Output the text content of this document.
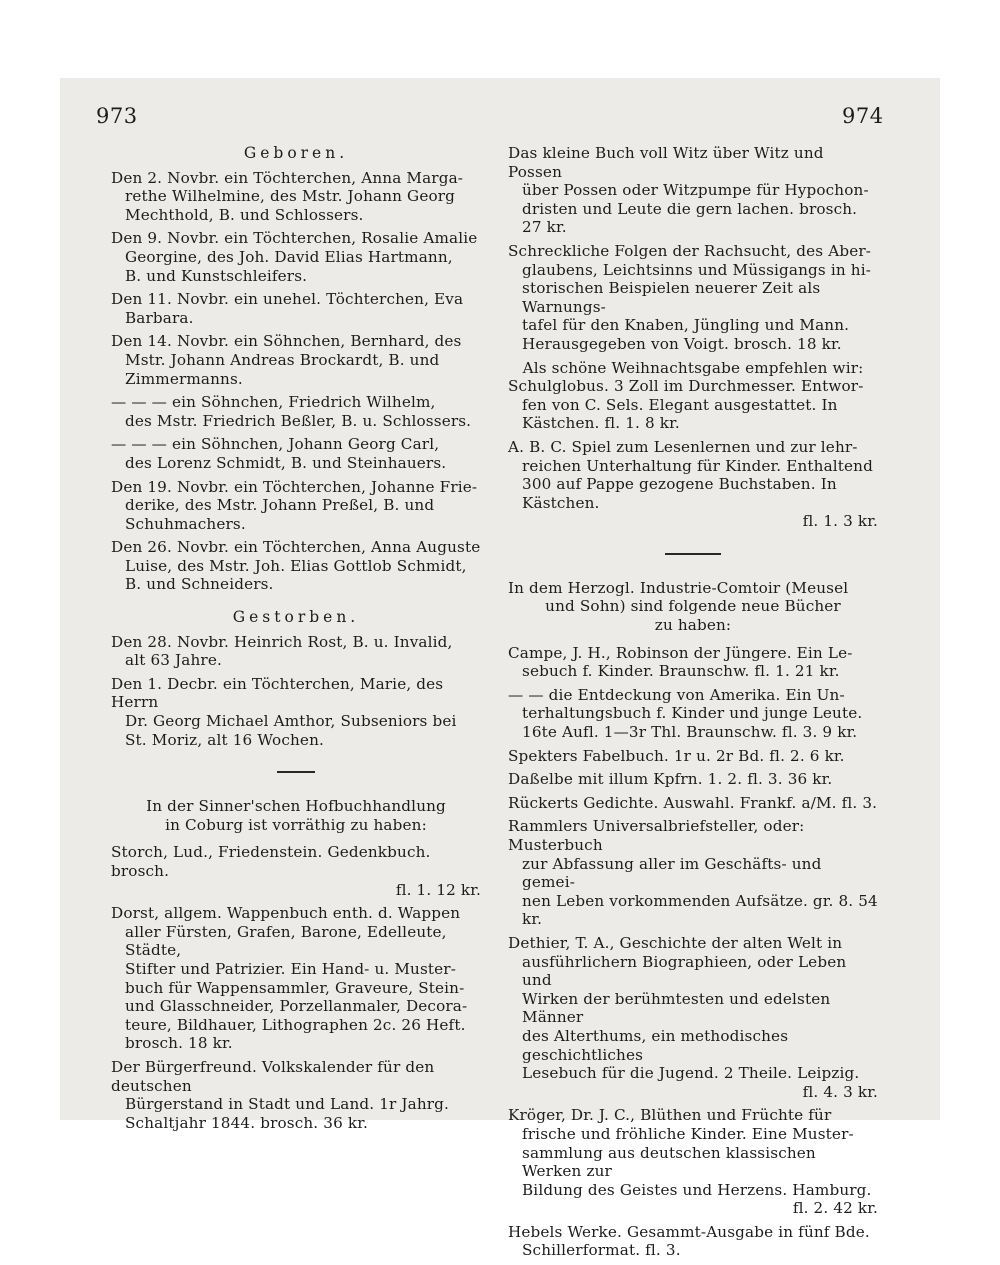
973	974
Geboren.
Den 2. Novbr. ein Töchterchen, Anna Marga-
rethe Wilhelmine, des Mstr. Johann Georg
Mechthold, B. und Schlossers.
Den 9. Novbr. ein Töchterchen, Rosalie Amalie
Georgine, des Joh. David Elias Hartmann,
B. und Kunstschleifers.
Den 11. Novbr. ein unehel. Töchterchen, Eva
Barbara.
Den 14. Novbr. ein Söhnchen, Bernhard, des
Mstr. Johann Andreas Brockardt, B. und
Zimmermanns.
— — — ein Söhnchen, Friedrich Wilhelm,
des Mstr. Friedrich Beßler, B. u. Schlossers.
— — — ein Söhnchen, Johann Georg Carl,
des Lorenz Schmidt, B. und Steinhauers.
Den 19. Novbr. ein Töchterchen, Johanne Frie-
derike, des Mstr. Johann Preßel, B. und
Schuhmachers.
Den 26. Novbr. ein Töchterchen, Anna Auguste
Luise, des Mstr. Joh. Elias Gottlob Schmidt,
B. und Schneiders.
Gestorben.
Den 28. Novbr. Heinrich Rost, B. u. Invalid,
alt 63 Jahre.
Den 1. Decbr. ein Töchterchen, Marie, des Herrn
Dr. Georg Michael Amthor, Subseniors bei
St. Moriz, alt 16 Wochen.
In der Sinner'schen Hofbuchhandlung
in Coburg ist vorräthig zu haben:
Storch, Lud., Friedenstein. Gedenkbuch. brosch.
fl. 1. 12 kr.
Dorst, allgem. Wappenbuch enth. d. Wappen
aller Fürsten, Grafen, Barone, Edelleute, Städte,
Stifter und Patrizier. Ein Hand- u. Muster-
buch für Wappensammler, Graveure, Stein-
und Glasschneider, Porzellanmaler, Decora-
teure, Bildhauer, Lithographen 2c. 26 Heft.
brosch. 18 kr.
Der Bürgerfreund. Volkskalender für den deutschen
Bürgerstand in Stadt und Land. 1r Jahrg.
Schaltjahr 1844. brosch. 36 kr.
Das kleine Buch voll Witz über Witz und Possen
über Possen oder Witzpumpe für Hypochon-
dristen und Leute die gern lachen. brosch. 27 kr.
Schreckliche Folgen der Rachsucht, des Aber-
glaubens, Leichtsinns und Müssigangs in hi-
storischen Beispielen neuerer Zeit als Warnungs-
tafel für den Knaben, Jüngling und Mann.
Herausgegeben von Voigt. brosch. 18 kr.
Als schöne Weihnachtsgabe empfehlen wir:
Schulglobus. 3 Zoll im Durchmesser. Entwor-
fen von C. Sels. Elegant ausgestattet. In
Kästchen. fl. 1. 8 kr.
A. B. C. Spiel zum Lesenlernen und zur lehr-
reichen Unterhaltung für Kinder. Enthaltend
300 auf Pappe gezogene Buchstaben. In Kästchen.
fl. 1. 3 kr.
In dem Herzogl. Industrie-Comtoir (Meusel
und Sohn) sind folgende neue Bücher
zu haben:
Campe, J. H., Robinson der Jüngere. Ein Le-
sebuch f. Kinder. Braunschw. fl. 1. 21 kr.
— — die Entdeckung von Amerika. Ein Un-
terhaltungsbuch f. Kinder und junge Leute.
16te Aufl. 1—3r Thl. Braunschw. fl. 3. 9 kr.
Spekters Fabelbuch. 1r u. 2r Bd. fl. 2. 6 kr.
Daßelbe mit illum Kpfrn. 1. 2. fl. 3. 36 kr.
Rückerts Gedichte. Auswahl. Frankf. a/M. fl. 3.
Rammlers Universalbriefsteller, oder: Musterbuch
zur Abfassung aller im Geschäfts- und gemei-
nen Leben vorkommenden Aufsätze. gr. 8. 54 kr.
Dethier, T. A., Geschichte der alten Welt in
ausführlichern Biographieen, oder Leben und
Wirken der berühmtesten und edelsten Männer
des Alterthums, ein methodisches geschichtliches
Lesebuch für die Jugend. 2 Theile. Leipzig.
fl. 4. 3 kr.
Kröger, Dr. J. C., Blüthen und Früchte für
frische und fröhliche Kinder. Eine Muster-
sammlung aus deutschen klassischen Werken zur
Bildung des Geistes und Herzens. Hamburg.
fl. 2. 42 kr.
Hebels Werke. Gesammt-Ausgabe in fünf Bde.
Schillerformat. fl. 3.
